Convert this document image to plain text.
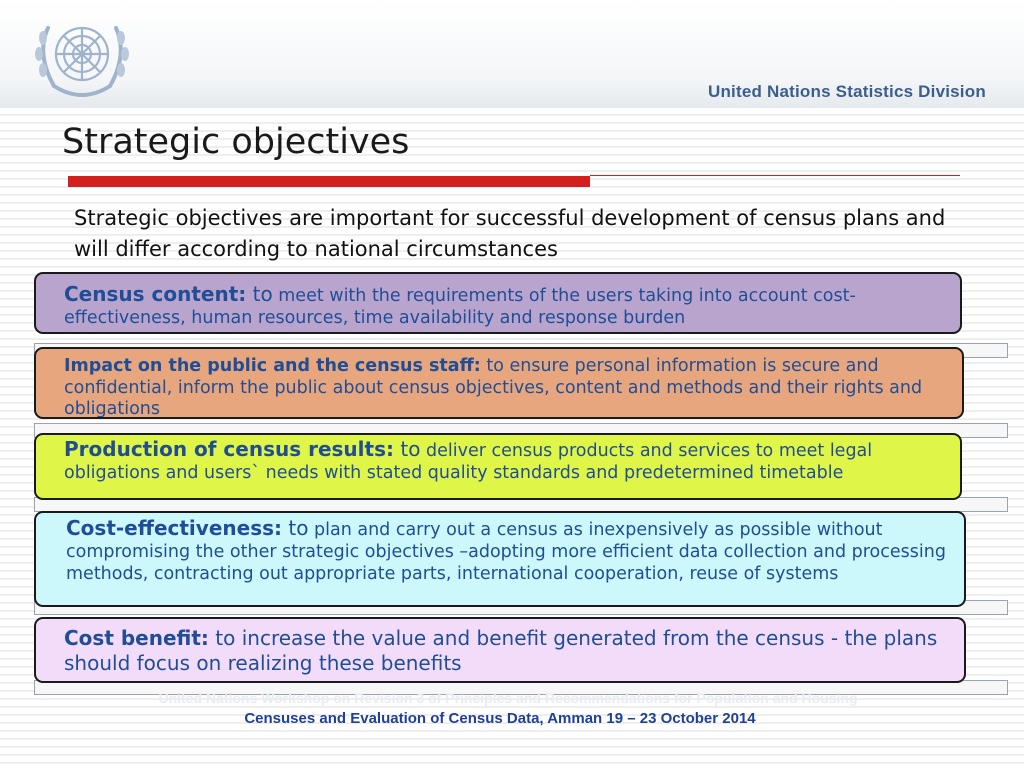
United Nations Statistics Division
Strategic objectives
Strategic objectives are important for successful development of census plans and will differ according to national circumstances
Census content: to meet with the requirements of the users taking into account cost-effectiveness, human resources, time availability and response burden
Impact on the public and the census staff: to ensure personal information is secure and confidential, inform the public about census objectives, content and methods and their rights and obligations
Production of census results: to deliver census products and services to meet legal obligations and users` needs with stated quality standards and predetermined timetable
Cost-effectiveness: to plan and carry out a census as inexpensively as possible without compromising the other strategic objectives –adopting more efficient data collection and processing methods, contracting out appropriate parts, international cooperation, reuse of systems
Cost benefit: to increase the value and benefit generated from the census - the plans should focus on realizing these benefits
United Nations Workshop on Revision 3 of Principles and Recommendations for Population and Housing
Censuses and Evaluation of Census Data, Amman 19 – 23 October 2014
